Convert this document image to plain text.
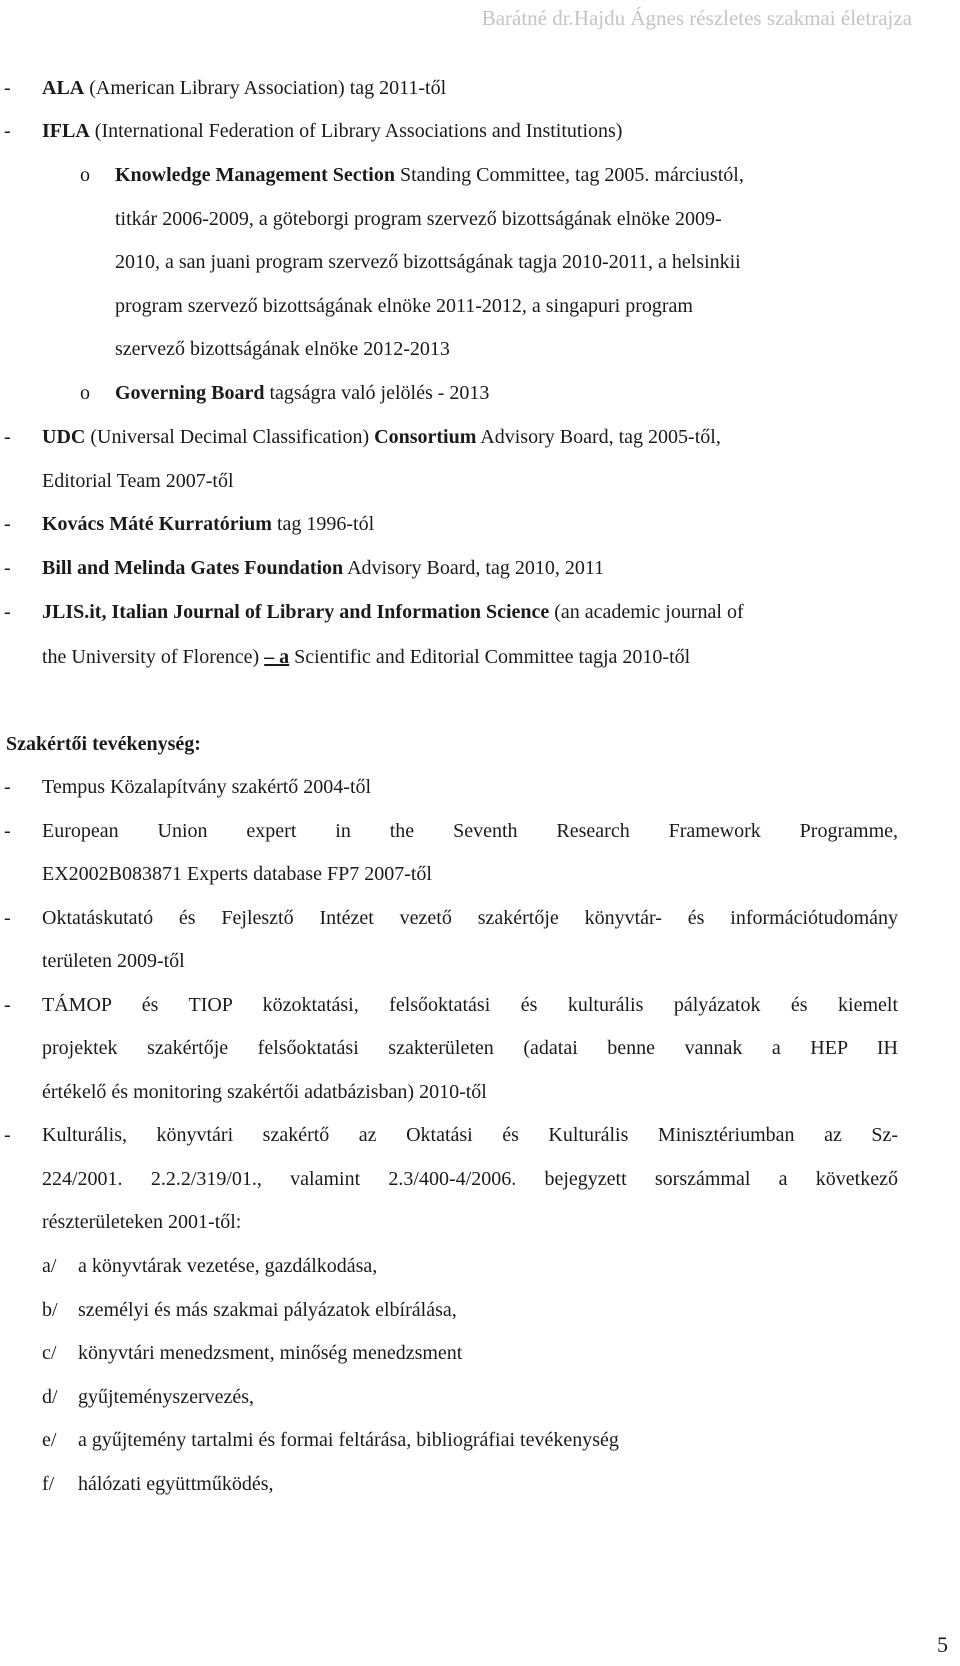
Barátné dr.Hajdu Ágnes részletes szakmai életrajza
- ALA (American Library Association) tag 2011-től
- IFLA (International Federation of Library Associations and Institutions)
o Knowledge Management Section Standing Committee, tag 2005. márciustól,
titkár 2006-2009, a göteborgi program szervező bizottságának elnöke 2009-
2010, a san juani program szervező bizottságának tagja 2010-2011, a helsinkii
program szervező bizottságának elnöke 2011-2012, a singapuri program
szervező bizottságának elnöke 2012-2013
o Governing Board tagságra való jelölés - 2013
- UDC (Universal Decimal Classification) Consortium Advisory Board, tag 2005-től,
Editorial Team 2007-től
- Kovács Máté Kurratórium tag 1996-tól
- Bill and Melinda Gates Foundation Advisory Board, tag 2010, 2011
- JLIS.it, Italian Journal of Library and Information Science (an academic journal of
the University of Florence) – a Scientific and Editorial Committee tagja 2010-től
Szakértői tevékenység:
- Tempus Közalapítvány szakértő 2004-től
- European Union expert in the Seventh Research Framework Programme,
EX2002B083871 Experts database FP7 2007-től
- Oktatáskutató és Fejlesztő Intézet vezető szakértője könyvtár- és információtudomány
területen 2009-től
- TÁMOP és TIOP közoktatási, felsőoktatási és kulturális pályázatok és kiemelt
projektek szakértője felsőoktatási szakterületen (adatai benne vannak a HEP IH
értékelő és monitoring szakértői adatbázisban) 2010-től
- Kulturális, könyvtári szakértő az Oktatási és Kulturális Minisztériumban az Sz-
224/2001. 2.2.2/319/01., valamint 2.3/400-4/2006. bejegyzett sorszámmal a következő
részterületeken 2001-től:
a/ a könyvtárak vezetése, gazdálkodása,
b/ személyi és más szakmai pályázatok elbírálása,
c/ könyvtári menedzsment, minőség menedzsment
d/ gyűjteményszervezés,
e/ a gyűjtemény tartalmi és formai feltárása, bibliográfiai tevékenység
f/ hálózati együttműködés,
5
